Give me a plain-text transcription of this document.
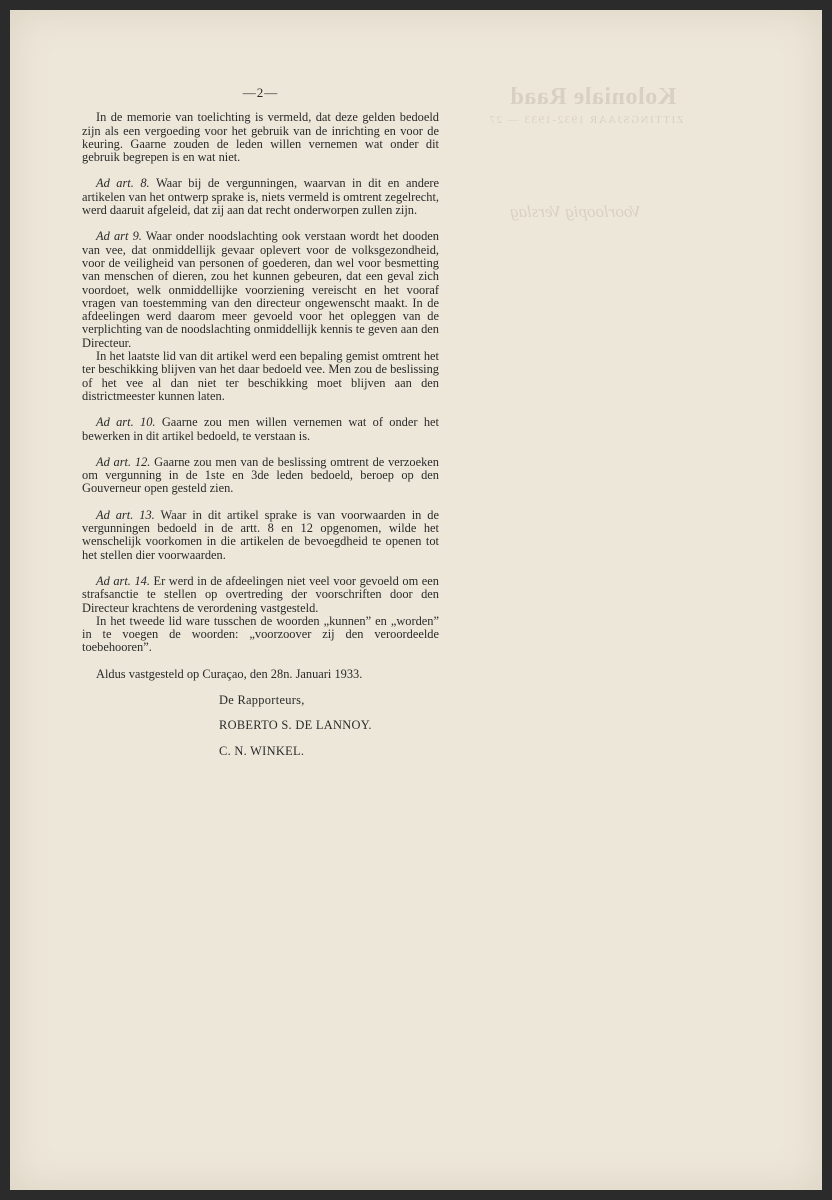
Koloniale Raad
ZITTINGSJAAR 1932-1933 — 27
Voorloopig Verslag
—2—

In de memorie van toelichting is vermeld, dat deze gelden bedoeld zijn als een vergoeding voor het gebruik van de inrichting en voor de keuring. Gaarne zouden de leden willen vernemen wat onder dit gebruik begrepen is en wat niet.

Ad art. 8. Waar bij de vergunningen, waarvan in dit en andere artikelen van het ontwerp sprake is, niets vermeld is omtrent zegelrecht, werd daaruit afgeleid, dat zij aan dat recht onderworpen zullen zijn.

Ad art 9. Waar onder noodslachting ook verstaan wordt het dooden van vee, dat onmiddellijk gevaar oplevert voor de volksgezondheid, voor de veiligheid van personen of goederen, dan wel voor besmetting van menschen of dieren, zou het kunnen gebeuren, dat een geval zich voordoet, welk onmiddellijke voorziening vereischt en het vooraf vragen van toestemming van den directeur ongewenscht maakt. In de afdeelingen werd daarom meer gevoeld voor het opleggen van de verplichting van de noodslachting onmiddellijk kennis te geven aan den Directeur.

In het laatste lid van dit artikel werd een bepaling gemist omtrent het ter beschikking blijven van het daar bedoeld vee. Men zou de beslissing of het vee al dan niet ter beschikking moet blijven aan den districtmeester kunnen laten.

Ad art. 10. Gaarne zou men willen vernemen wat of onder het bewerken in dit artikel bedoeld, te verstaan is.

Ad art. 12. Gaarne zou men van de beslissing omtrent de verzoeken om vergunning in de 1ste en 3de leden bedoeld, beroep op den Gouverneur open gesteld zien.

Ad art. 13. Waar in dit artikel sprake is van voorwaarden in de vergunningen bedoeld in de artt. 8 en 12 opgenomen, wilde het wenschelijk voorkomen in die artikelen de bevoegdheid te openen tot het stellen dier voorwaarden.

Ad art. 14. Er werd in de afdeelingen niet veel voor gevoeld om een strafsanctie te stellen op overtreding der voorschriften door den Directeur krachtens de verordening vastgesteld.

In het tweede lid ware tusschen de woorden „kunnen” en „worden” in te voegen de woorden: „voorzoover zij den veroordeelde toebehooren”.

Aldus vastgesteld op Curaçao, den 28n. Januari 1933.
De Rapporteurs,
ROBERTO S. DE LANNOY.
C. N. WINKEL.
